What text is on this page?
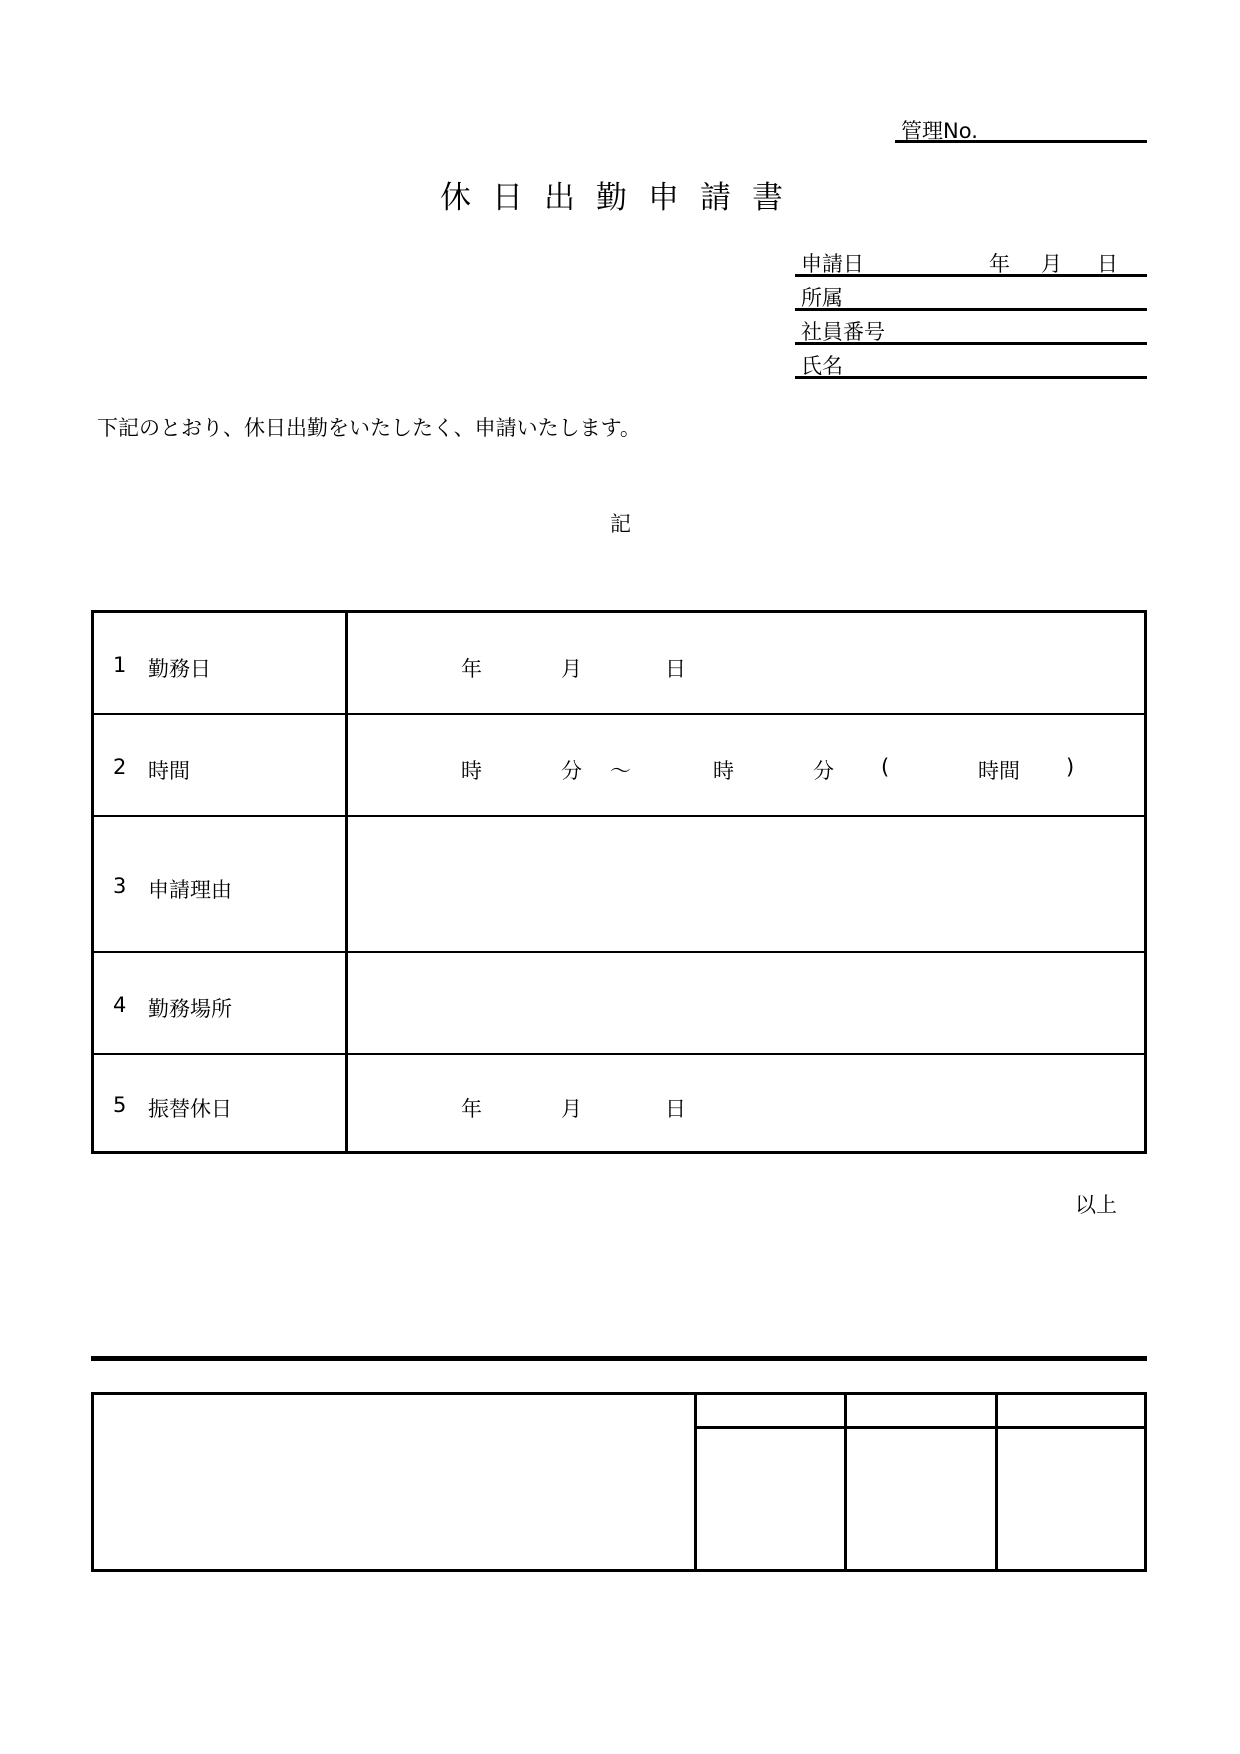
管理No.
休日出勤申請書
申請日	年 月 日
所属
社員番号
氏名
下記のとおり、休日出勤をいたしたく、申請いたします。
記
1 勤務日	年	月	日
2 時間	時	分 ～	時	分 (	時間 )
3 申請理由
4 勤務場所
5 振替休日	年	月	日
以上
